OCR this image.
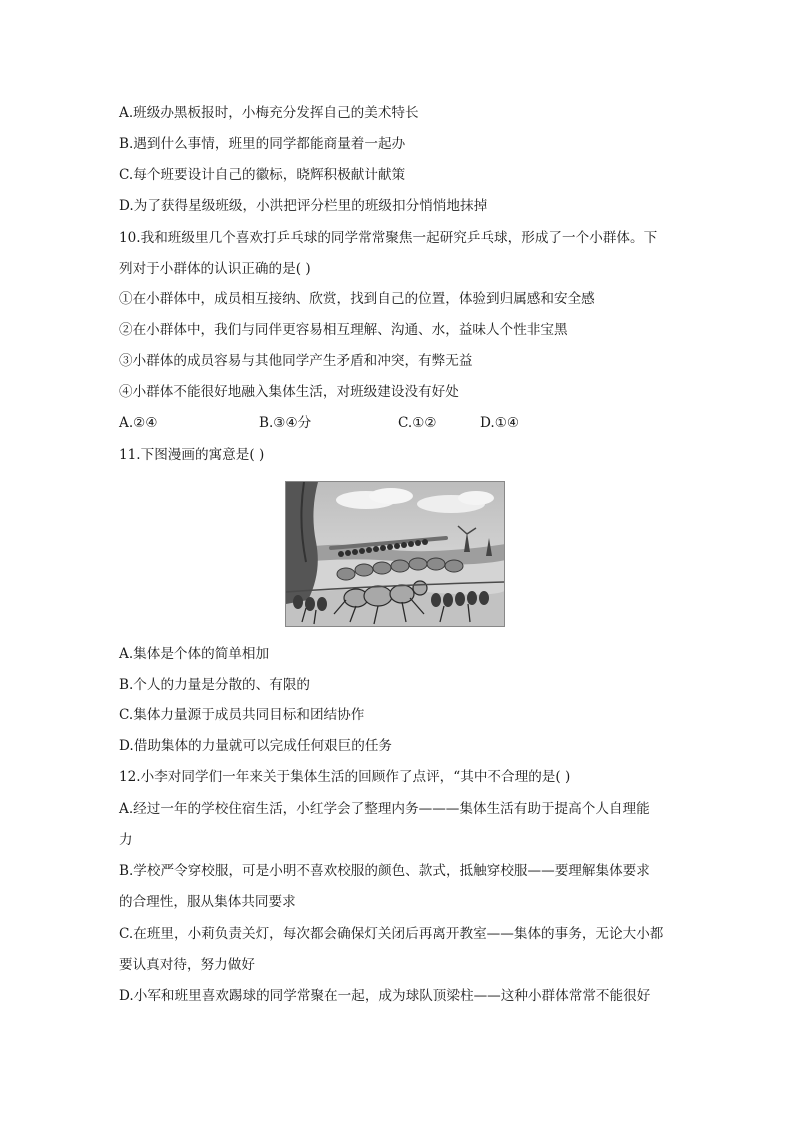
A.班级办黑板报时，小梅充分发挥自己的美术特长
B.遇到什么事情，班里的同学都能商量着一起办
C.每个班要设计自己的徽标，晓辉积极献计献策
D.为了获得星级班级，小洪把评分栏里的班级扣分悄悄地抹掉
10.我和班级里几个喜欢打乒乓球的同学常常聚焦一起研究乒乓球，形成了一个小群体。下
列对于小群体的认识正确的是( )
①在小群体中，成员相互接纳、欣赏，找到自己的位置，体验到归属感和安全感
②在小群体中，我们与同伴更容易相互理解、沟通、水，益味人个性非宝黑
③小群体的成员容易与其他同学产生矛盾和冲突，有弊无益
④小群体不能很好地融入集体生活，对班级建设没有好处
A.②④	B.③④分	C.①②	D.①④
11.下图漫画的寓意是( )
A.集体是个体的简单相加
B.个人的力量是分散的、有限的
C.集体力量源于成员共同目标和团结协作
D.借助集体的力量就可以完成任何艰巨的任务
12.小李对同学们一年来关于集体生活的回顾作了点评，“其中不合理的是( )
A.经过一年的学校住宿生活，小红学会了整理内务———集体生活有助于提高个人自理能
力
B.学校严令穿校服，可是小明不喜欢校服的颜色、款式，抵触穿校服——要理解集体要求
的合理性，服从集体共同要求
C.在班里，小莉负责关灯，每次都会确保灯关闭后再离开教室——集体的事务，无论大小都
要认真对待，努力做好
D.小军和班里喜欢踢球的同学常聚在一起，成为球队顶梁柱——这种小群体常常不能很好
